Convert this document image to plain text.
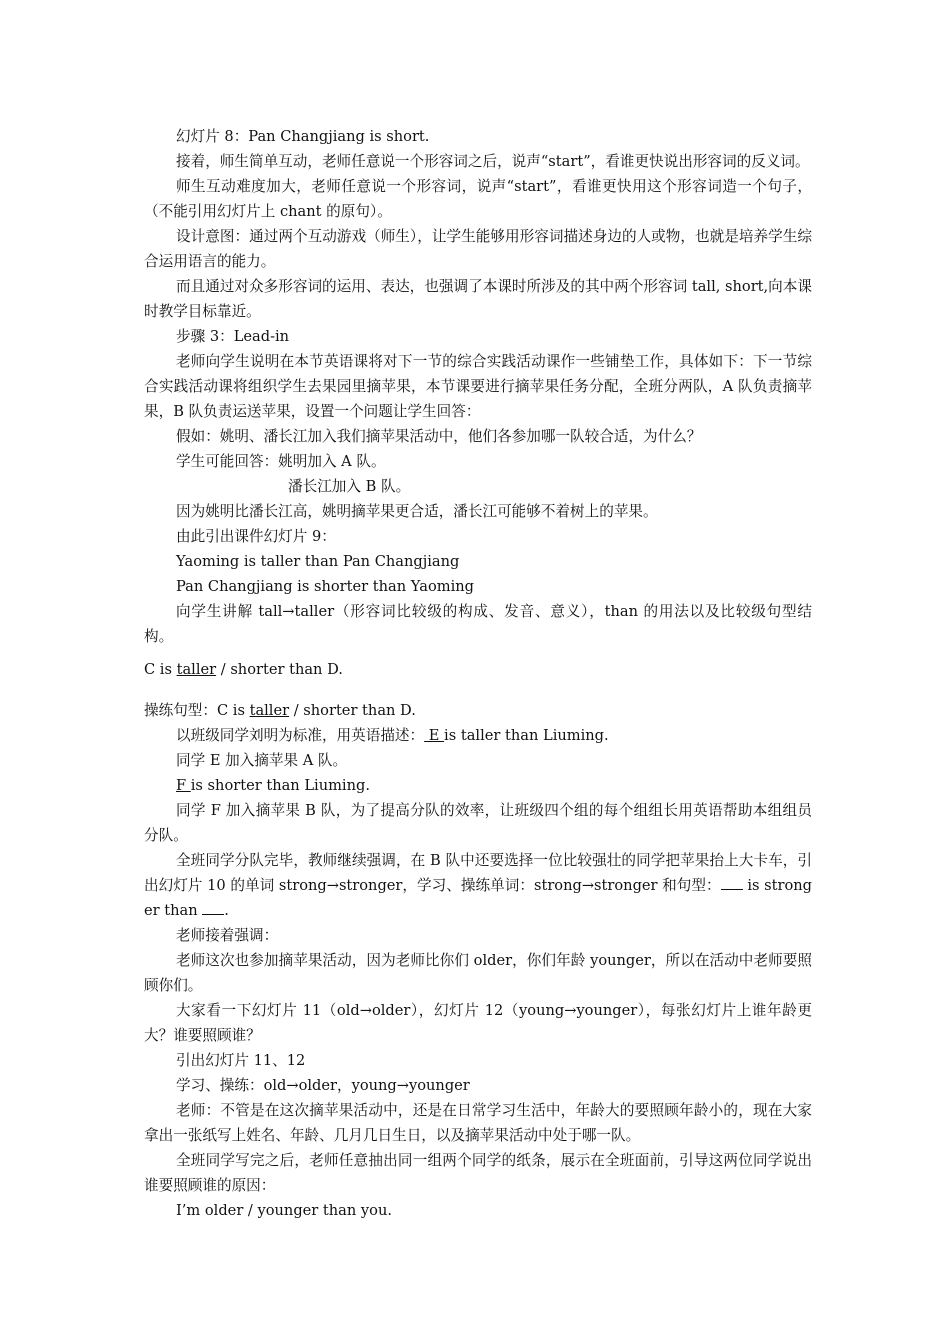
幻灯片 8：Pan Changjiang is short.

接着，师生简单互动，老师任意说一个形容词之后，说声“start”，看谁更快说出形容词的反义词。

师生互动难度加大，老师任意说一个形容词，说声“start”，看谁更快用这个形容词造一个句子，（不能引用幻灯片上 chant 的原句）。

设计意图：通过两个互动游戏（师生），让学生能够用形容词描述身边的人或物，也就是培养学生综合运用语言的能力。

而且通过对众多形容词的运用、表达，也强调了本课时所涉及的其中两个形容词 tall, short,向本课时教学目标靠近。

步骤 3：Lead-in

老师向学生说明在本节英语课将对下一节的综合实践活动课作一些铺垫工作，具体如下：下一节综合实践活动课将组织学生去果园里摘苹果，本节课要进行摘苹果任务分配，全班分两队，A 队负责摘苹果，B 队负责运送苹果，设置一个问题让学生回答：

假如：姚明、潘长江加入我们摘苹果活动中，他们各参加哪一队较合适，为什么？

学生可能回答：姚明加入 A 队。

潘长江加入 B 队。

因为姚明比潘长江高，姚明摘苹果更合适，潘长江可能够不着树上的苹果。

由此引出课件幻灯片 9：

Yaoming is taller than Pan Changjiang

Pan Changjiang is shorter than Yaoming

向学生讲解 tall→taller（形容词比较级的构成、发音、意义），than 的用法以及比较级句型结构。

C is taller / shorter than D.

操练句型：C is taller / shorter than D.

以班级同学刘明为标准，用英语描述： E is taller than Liuming.

同学 E 加入摘苹果 A 队。

F is shorter than Liuming.

同学 F 加入摘苹果 B 队，为了提高分队的效率，让班级四个组的每个组组长用英语帮助本组组员分队。

全班同学分队完毕，教师继续强调，在 B 队中还要选择一位比较强壮的同学把苹果抬上大卡车，引出幻灯片 10 的单词 strong→stronger，学习、操练单词：strong→stronger 和句型： is stronger than .

老师接着强调：

老师这次也参加摘苹果活动，因为老师比你们 older，你们年龄 younger，所以在活动中老师要照顾你们。

大家看一下幻灯片 11（old→older），幻灯片 12（young→younger），每张幻灯片上谁年龄更大？谁要照顾谁？

引出幻灯片 11、12

学习、操练：old→older，young→younger

老师：不管是在这次摘苹果活动中，还是在日常学习生活中，年龄大的要照顾年龄小的，现在大家拿出一张纸写上姓名、年龄、几月几日生日，以及摘苹果活动中处于哪一队。

全班同学写完之后，老师任意抽出同一组两个同学的纸条，展示在全班面前，引导这两位同学说出谁要照顾谁的原因：

I’m older / younger than you.
